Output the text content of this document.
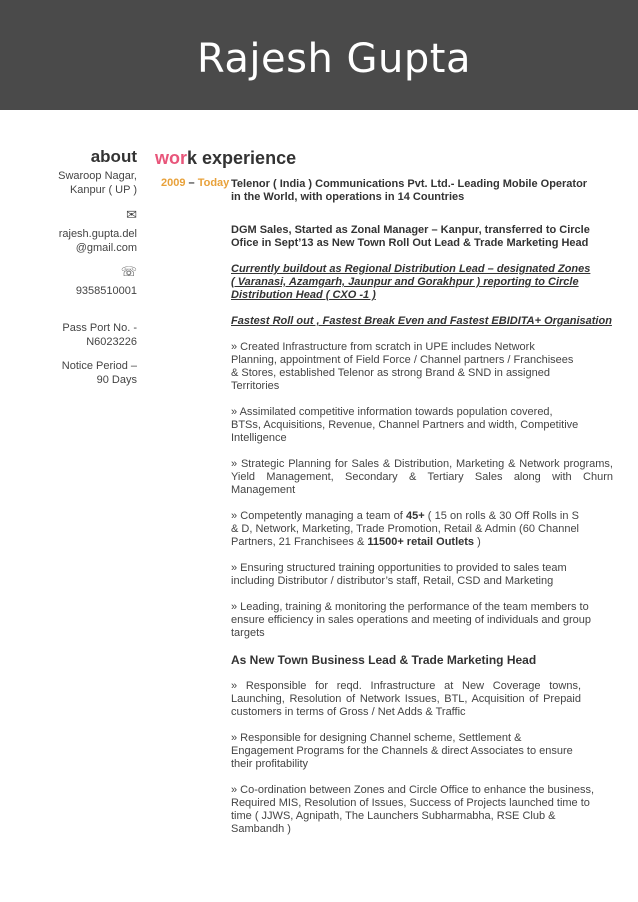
Rajesh Gupta
about
Swaroop Nagar,
Kanpur ( UP )
✉
rajesh.gupta.del
@gmail.com
☏
9358510001
Pass Port No. -
N6023226
Notice Period –
90 Days
work experience
2009 – Today Telenor ( India ) Communications Pvt. Ltd.- Leading Mobile Operator
in the World, with operations in 14 Countries

DGM Sales, Started as Zonal Manager – Kanpur, transferred to Circle
Ofice in Sept’13 as New Town Roll Out Lead & Trade Marketing Head

Currently buildout as Regional Distribution Lead – designated Zones
( Varanasi, Azamgarh, Jaunpur and Gorakhpur ) reporting to Circle
Distribution Head ( CXO -1 )

Fastest Roll out , Fastest Break Even and Fastest EBIDITA+ Organisation

» Created Infrastructure from scratch in UPE includes Network Planning, appointment of Field Force / Channel partners / Franchisees & Stores, established Telenor as strong Brand & SND in assigned Territories

» Assimilated competitive information towards population covered, BTSs, Acquisitions, Revenue, Channel Partners and width, Competitive Intelligence

» Strategic Planning for Sales & Distribution, Marketing & Network programs, Yield Management, Secondary & Tertiary Sales along with Churn Management

» Competently managing a team of 45+ ( 15 on rolls & 30 Off Rolls in S & D, Network, Marketing, Trade Promotion, Retail & Admin (60 Channel Partners, 21 Franchisees & 11500+ retail Outlets )

» Ensuring structured training opportunities to provided to sales team including Distributor / distributor’s staff, Retail, CSD and Marketing

» Leading, training & monitoring the performance of the team members to ensure efficiency in sales operations and meeting of individuals and group targets

As New Town Business Lead & Trade Marketing Head

» Responsible for reqd. Infrastructure at New Coverage towns, Launching, Resolution of Network Issues, BTL, Acquisition of Prepaid customers in terms of Gross / Net Adds & Traffic

» Responsible for designing Channel scheme, Settlement & Engagement Programs for the Channels & direct Associates to ensure their profitability

» Co-ordination between Zones and Circle Office to enhance the business, Required MIS, Resolution of Issues, Success of Projects launched time to time ( JJWS, Agnipath, The Launchers Subharmabha, RSE Club & Sambandh )
